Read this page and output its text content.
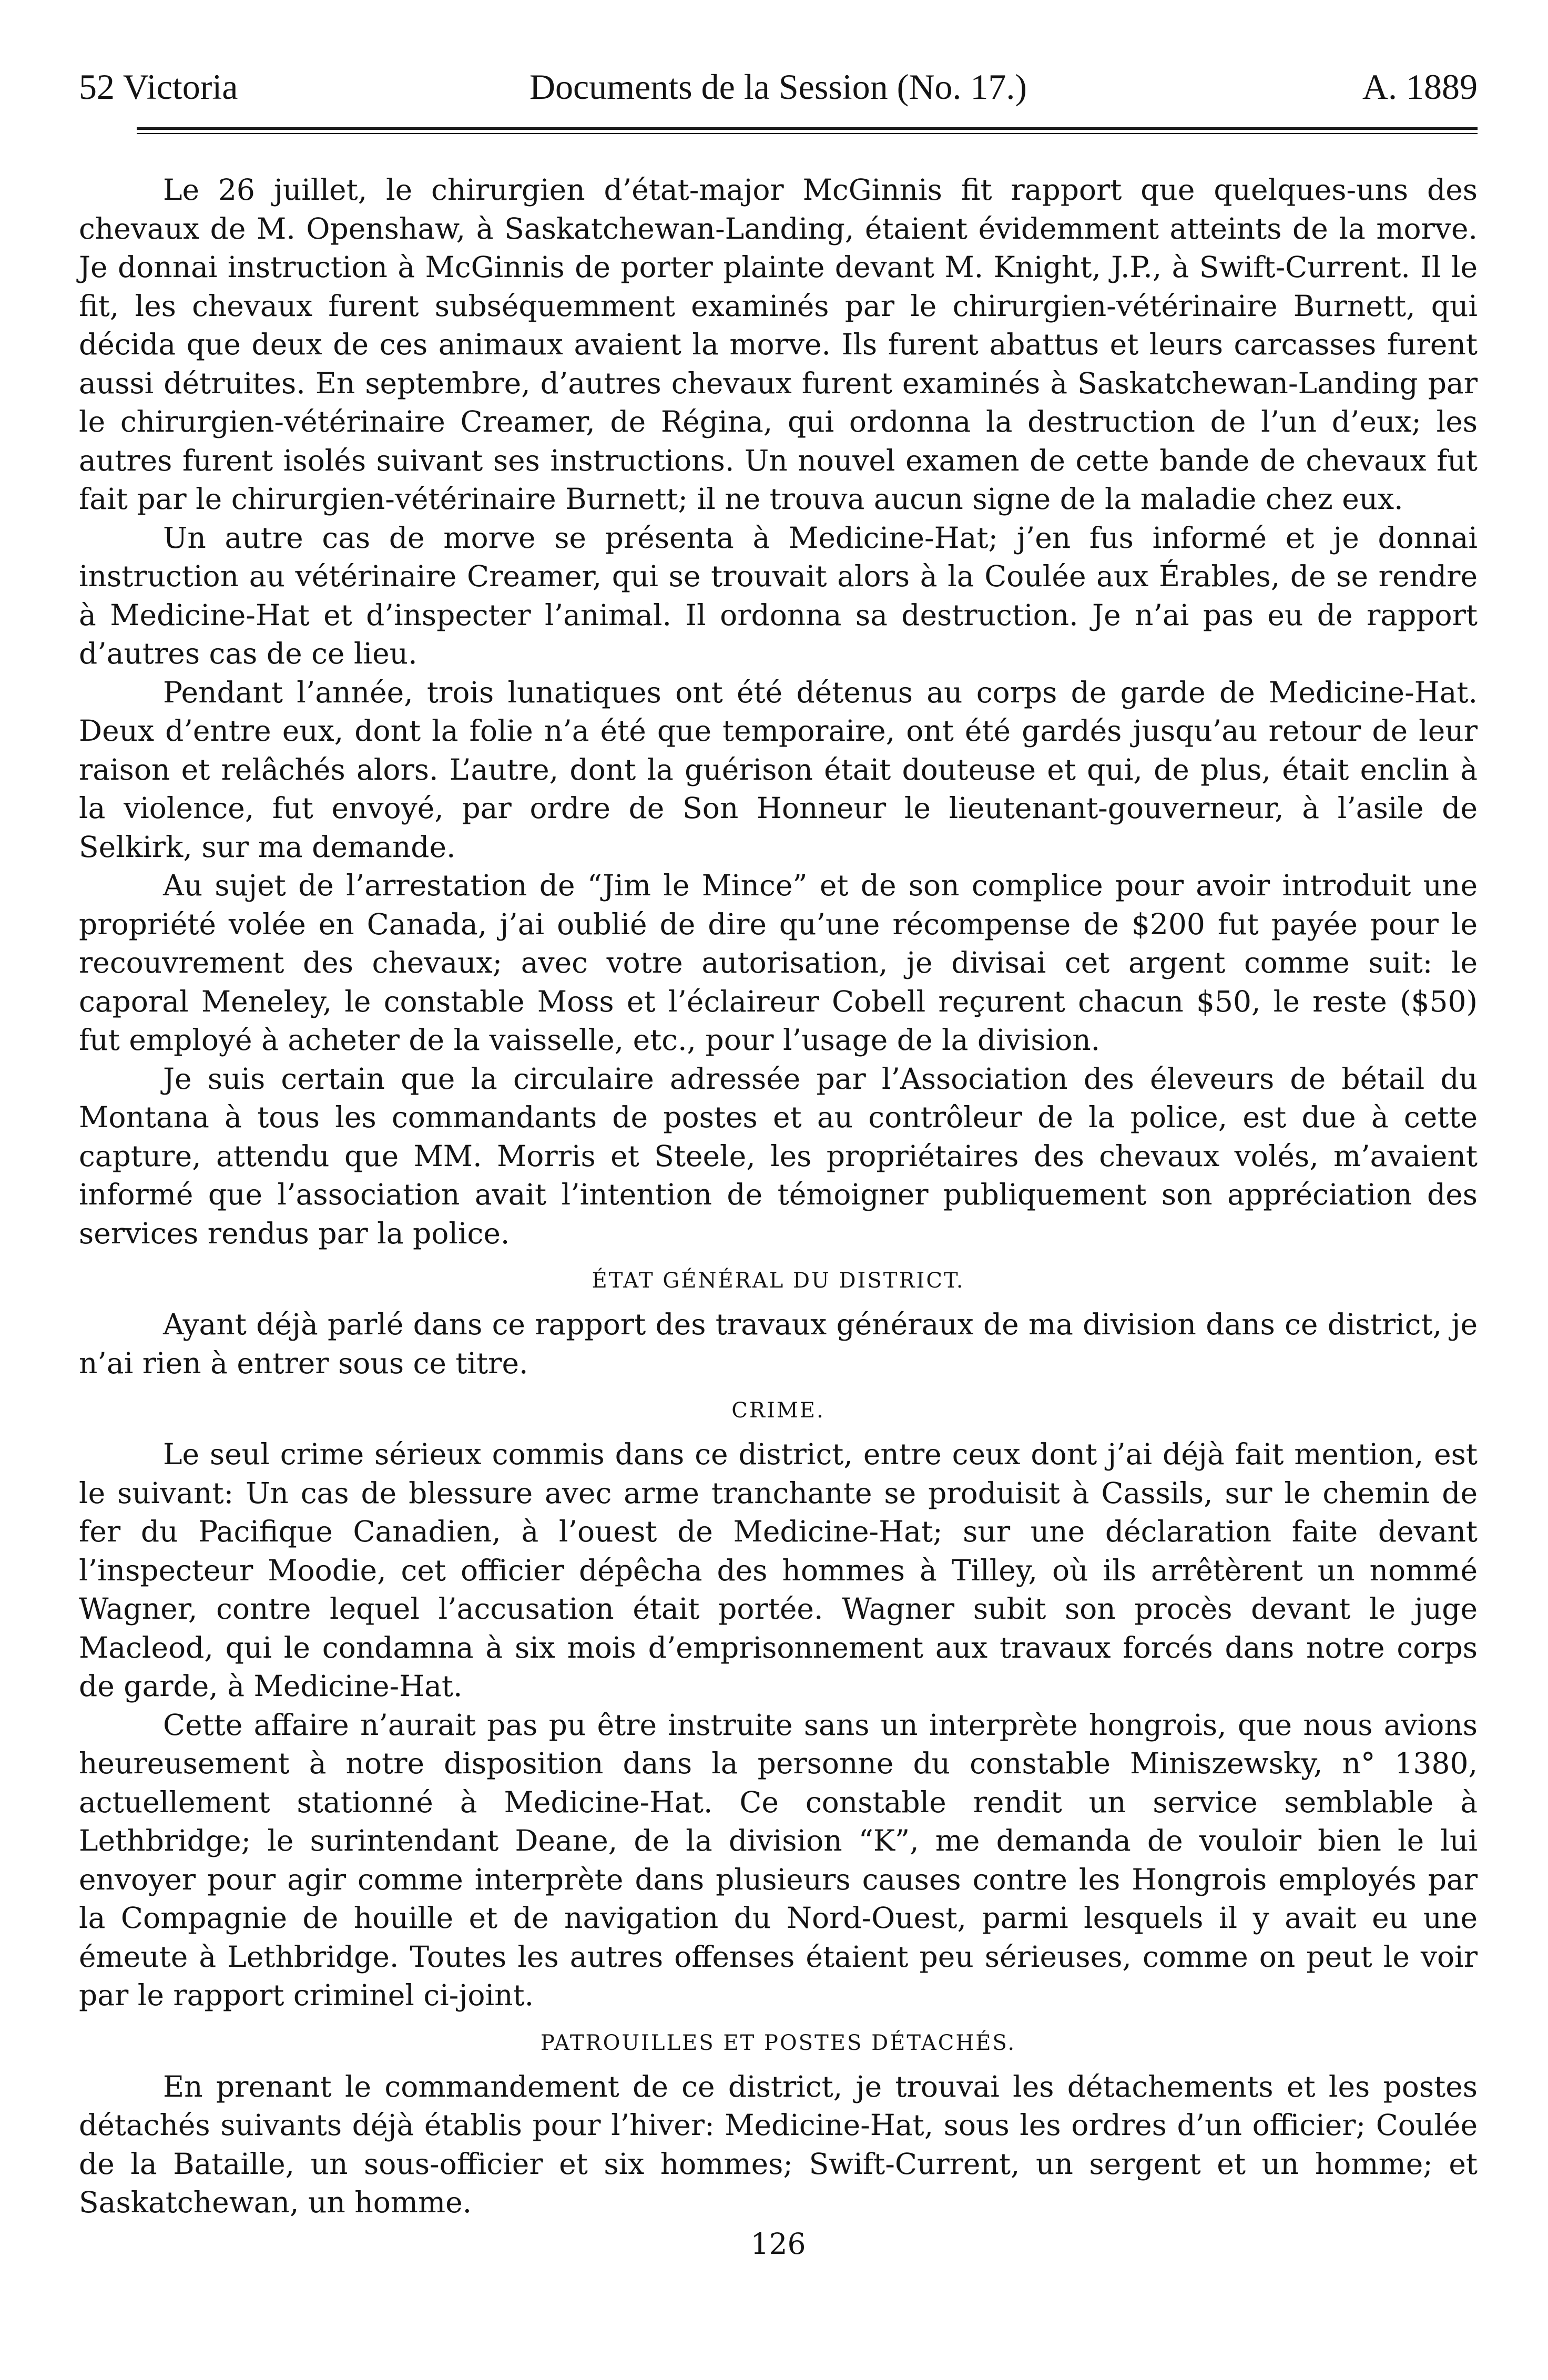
52 Victoria	Documents de la Session (No. 17.)	A. 1889

Le 26 juillet, le chirurgien d’état-major McGinnis fit rapport que quelques-uns des chevaux de M. Openshaw, à Saskatchewan-Landing, étaient évidemment atteints de la morve. Je donnai instruction à McGinnis de porter plainte devant M. Knight, J.P., à Swift-Current. Il le fit, les chevaux furent subséquemment examinés par le chirurgien-vétérinaire Burnett, qui décida que deux de ces animaux avaient la morve. Ils furent abattus et leurs carcasses furent aussi détruites. En septembre, d’autres chevaux furent examinés à Saskatchewan-Landing par le chirurgien-vétérinaire Creamer, de Régina, qui ordonna la destruction de l’un d’eux; les autres furent isolés suivant ses instructions. Un nouvel examen de cette bande de chevaux fut fait par le chirurgien-vétérinaire Burnett; il ne trouva aucun signe de la maladie chez eux.

Un autre cas de morve se présenta à Medicine-Hat; j’en fus informé et je donnai instruction au vétérinaire Creamer, qui se trouvait alors à la Coulée aux Érables, de se rendre à Medicine-Hat et d’inspecter l’animal. Il ordonna sa destruction. Je n’ai pas eu de rapport d’autres cas de ce lieu.

Pendant l’année, trois lunatiques ont été détenus au corps de garde de Medicine-Hat. Deux d’entre eux, dont la folie n’a été que temporaire, ont été gardés jusqu’au retour de leur raison et relâchés alors. L’autre, dont la guérison était douteuse et qui, de plus, était enclin à la violence, fut envoyé, par ordre de Son Honneur le lieutenant-gouverneur, à l’asile de Selkirk, sur ma demande.

Au sujet de l’arrestation de “Jim le Mince” et de son complice pour avoir introduit une propriété volée en Canada, j’ai oublié de dire qu’une récompense de $200 fut payée pour le recouvrement des chevaux; avec votre autorisation, je divisai cet argent comme suit: le caporal Meneley, le constable Moss et l’éclaireur Cobell reçurent chacun $50, le reste ($50) fut employé à acheter de la vaisselle, etc., pour l’usage de la division.

Je suis certain que la circulaire adressée par l’Association des éleveurs de bétail du Montana à tous les commandants de postes et au contrôleur de la police, est due à cette capture, attendu que MM. Morris et Steele, les propriétaires des chevaux volés, m’avaient informé que l’association avait l’intention de témoigner publiquement son appréciation des services rendus par la police.

ÉTAT GÉNÉRAL DU DISTRICT.

Ayant déjà parlé dans ce rapport des travaux généraux de ma division dans ce district, je n’ai rien à entrer sous ce titre.

CRIME.

Le seul crime sérieux commis dans ce district, entre ceux dont j’ai déjà fait mention, est le suivant: Un cas de blessure avec arme tranchante se produisit à Cassils, sur le chemin de fer du Pacifique Canadien, à l’ouest de Medicine-Hat; sur une déclaration faite devant l’inspecteur Moodie, cet officier dépêcha des hommes à Tilley, où ils arrêtèrent un nommé Wagner, contre lequel l’accusation était portée. Wagner subit son procès devant le juge Macleod, qui le condamna à six mois d’emprisonnement aux travaux forcés dans notre corps de garde, à Medicine-Hat.

Cette affaire n’aurait pas pu être instruite sans un interprète hongrois, que nous avions heureusement à notre disposition dans la personne du constable Miniszewsky, n° 1380, actuellement stationné à Medicine-Hat. Ce constable rendit un service semblable à Lethbridge; le surintendant Deane, de la division “K”, me demanda de vouloir bien le lui envoyer pour agir comme interprète dans plusieurs causes contre les Hongrois employés par la Compagnie de houille et de navigation du Nord-Ouest, parmi lesquels il y avait eu une émeute à Lethbridge. Toutes les autres offenses étaient peu sérieuses, comme on peut le voir par le rapport criminel ci-joint.

PATROUILLES ET POSTES DÉTACHÉS.

En prenant le commandement de ce district, je trouvai les détachements et les postes détachés suivants déjà établis pour l’hiver: Medicine-Hat, sous les ordres d’un officier; Coulée de la Bataille, un sous-officier et six hommes; Swift-Current, un sergent et un homme; et Saskatchewan, un homme.

126
